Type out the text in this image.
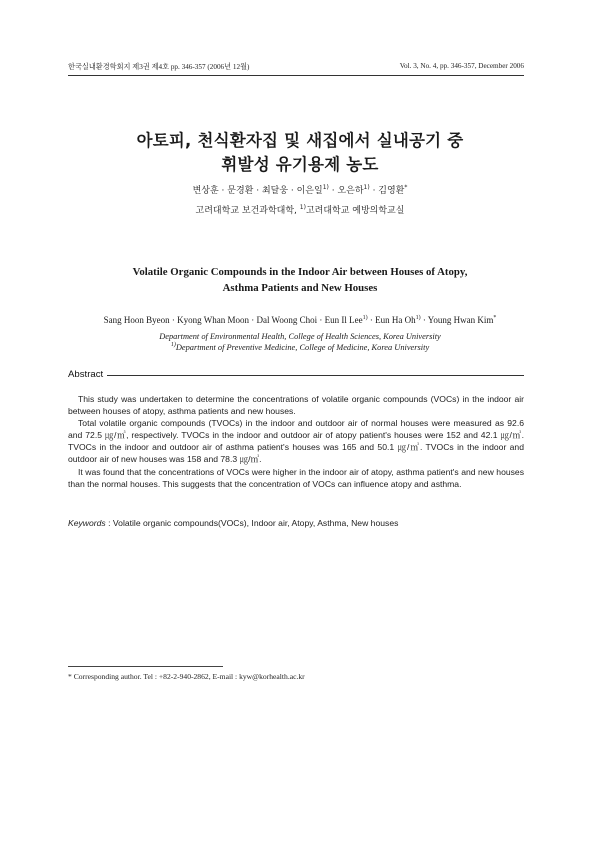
한국실내환경학회지 제3권 제4호 pp. 346-357 (2006년 12월)	Vol. 3, No. 4, pp. 346-357, December 2006
아토피, 천식환자집 및 새집에서 실내공기 중
휘발성 유기용제 농도
변상훈 · 문경환 · 최달웅 · 이은일$^{1)}$ · 오은하$^{1)}$ · 김영환*
고려대학교 보건과학대학, $^{1)}$고려대학교 예방의학교실
Volatile Organic Compounds in the Indoor Air between Houses of Atopy,
Asthma Patients and New Houses
Sang Hoon Byeon · Kyong Whan Moon · Dal Woong Choi · Eun Il Lee$^{1)}$ · Eun Ha $Oh^{1)}$ · Young Hwan Kim*
Department of Environmental Health, College of Health Sciences, Korea University
$^{1)}$Department of Preventive Medicine, College of Medicine, Korea University
Abstract

This study was undertaken to determine the concentrations of volatile organic compounds (VOCs) in the indoor air between houses of atopy, asthma patients and new houses.

Total volatile organic compounds (TVOCs) in the indoor and outdoor air of normal houses were measured as 92.6 and 72.5 ㎍/㎥, respectively. TVOCs in the indoor and outdoor air of atopy patient's houses were 152 and 42.1 ㎍/㎥. TVOCs in the indoor and outdoor air of asthma patient's houses was 165 and 50.1 ㎍/㎥. TVOCs in the indoor and outdoor air of new houses was 158 and 78.3 ㎍/㎥.

It was found that the concentrations of VOCs were higher in the indoor air of atopy, asthma patient's and new houses than the normal houses. This suggests that the concentration of VOCs can influence atopy and asthma.

Keywords : Volatile organic compounds(VOCs), Indoor air, Atopy, Asthma, New houses
* Corresponding author. Tel : +82-2-940-2862, E-mail : kyw@korhealth.ac.kr
